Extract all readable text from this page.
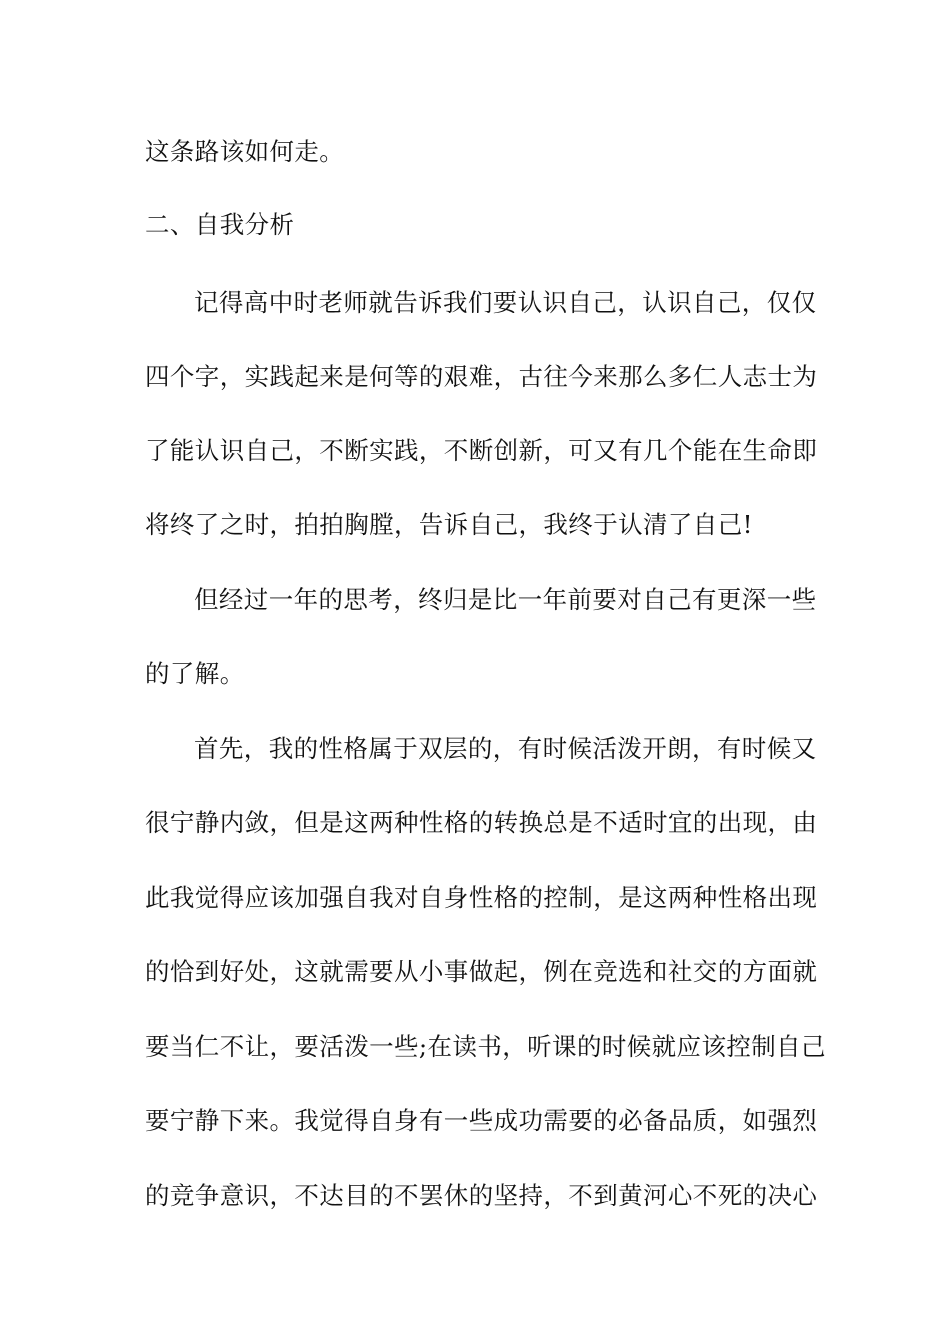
这条路该如何走。
二、自我分析
记得高中时老师就告诉我们要认识自己，认识自己，仅仅
四个字，实践起来是何等的艰难，古往今来那么多仁人志士为
了能认识自己，不断实践，不断创新，可又有几个能在生命即
将终了之时，拍拍胸膛，告诉自己，我终于认清了自己!
但经过一年的思考，终归是比一年前要对自己有更深一些
的了解。
首先，我的性格属于双层的，有时候活泼开朗，有时候又
很宁静内敛，但是这两种性格的转换总是不适时宜的出现，由
此我觉得应该加强自我对自身性格的控制，是这两种性格出现
的恰到好处，这就需要从小事做起，例在竞选和社交的方面就
要当仁不让，要活泼一些;在读书，听课的时候就应该控制自己
要宁静下来。我觉得自身有一些成功需要的必备品质，如强烈
的竞争意识，不达目的不罢休的坚持，不到黄河心不死的决心
